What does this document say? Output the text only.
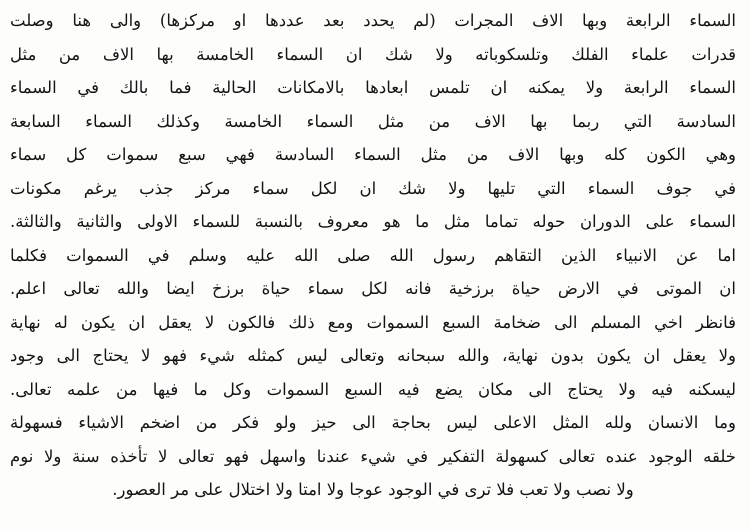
السماء الرابعة وبها الاف المجرات (لم يحدد بعد عددها او مركزها) والى هنا وصلت
قدرات علماء الفلك وتلسكوباته ولا شك ان السماء الخامسة بها الاف من مثل
السماء الرابعة ولا يمكنه ان تلمس ابعادها بالامكانات الحالية فما بالك في السماء
السادسة التي ربما بها الاف من مثل السماء الخامسة وكذلك السماء السابعة
وهي الكون كله وبها الاف من مثل السماء السادسة فهي سبع سموات كل سماء
في جوف السماء التي تليها ولا شك ان لكل سماء مركز جذب يرغم مكونات
السماء على الدوران حوله تماما مثل ما هو معروف بالنسبة للسماء الاولى والثانية والثالثة.
اما عن الانبياء الذين التقاهم رسول الله صلى الله عليه وسلم في السموات فكلما
ان الموتى في الارض حياة برزخية فانه لكل سماء حياة برزخ ايضا والله تعالى اعلم.
فانظر اخي المسلم الى ضخامة السبع السموات ومع ذلك فالكون لا يعقل ان يكون له نهاية
ولا يعقل ان يكون بدون نهاية، والله سبحانه وتعالى ليس كمثله شيء فهو لا يحتاج الى وجود
ليسكنه فيه ولا يحتاج الى مكان يضع فيه السبع السموات وكل ما فيها من علمه تعالى.
وما الانسان ولله المثل الاعلى ليس بحاجة الى حيز ولو فكر من اضخم الاشياء فسهولة
خلقه الوجود عنده تعالى كسهولة التفكير في شيء عندنا واسهل فهو تعالى لا تأخذه سنة ولا نوم
ولا نصب ولا تعب فلا ترى في الوجود عوجا ولا امتا ولا اختلال على مر العصور.
